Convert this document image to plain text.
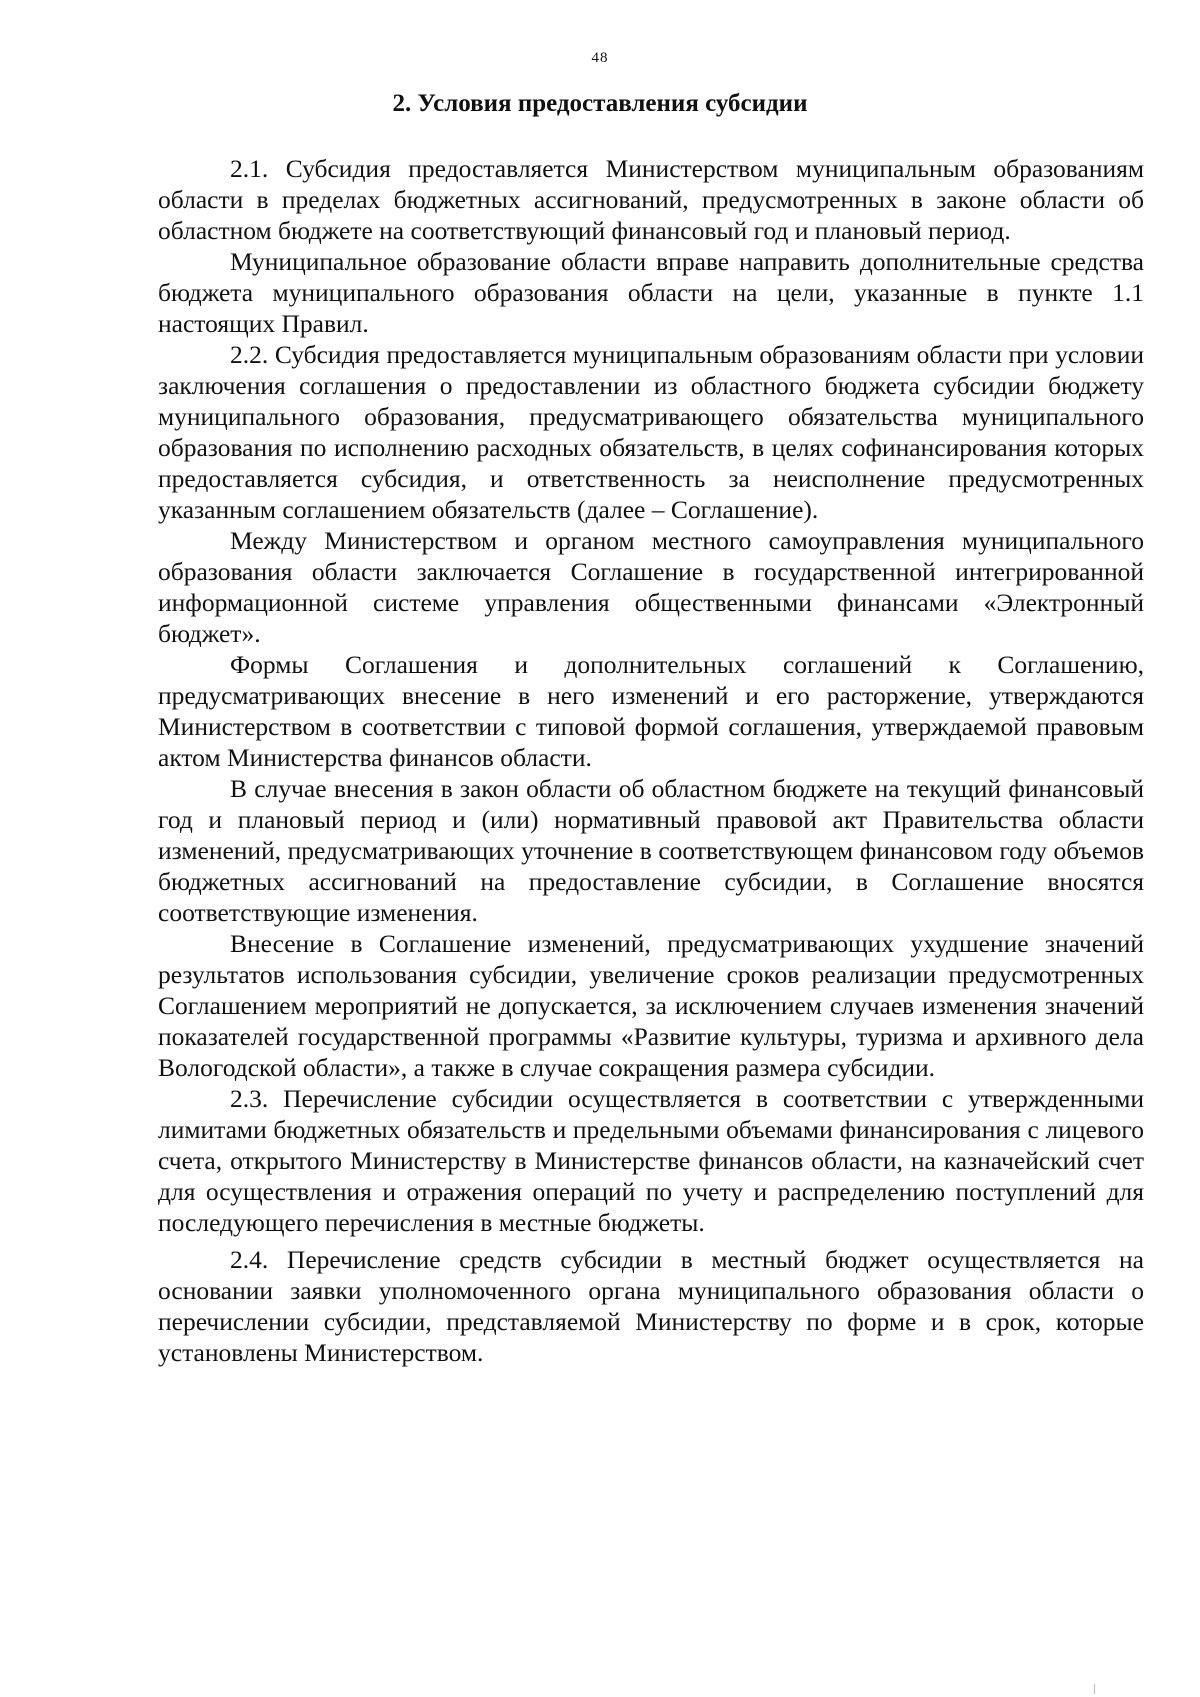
48
2. Условия предоставления субсидии

2.1. Субсидия предоставляется Министерством муниципальным образованиям области в пределах бюджетных ассигнований, предусмотренных в законе области об областном бюджете на соответствующий финансовый год и плановый период.

Муниципальное образование области вправе направить дополнительные средства бюджета муниципального образования области на цели, указанные в пункте 1.1 настоящих Правил.

2.2. Субсидия предоставляется муниципальным образованиям области при условии заключения соглашения о предоставлении из областного бюджета субсидии бюджету муниципального образования, предусматривающего обязательства муниципального образования по исполнению расходных обязательств, в целях софинансирования которых предоставляется субсидия, и ответственность за неисполнение предусмотренных указанным соглашением обязательств (далее – Соглашение).

Между Министерством и органом местного самоуправления муниципального образования области заключается Соглашение в государственной интегрированной информационной системе управления общественными финансами «Электронный бюджет».

Формы Соглашения и дополнительных соглашений к Соглашению, предусматривающих внесение в него изменений и его расторжение, утверждаются Министерством в соответствии с типовой формой соглашения, утверждаемой правовым актом Министерства финансов области.

В случае внесения в закон области об областном бюджете на текущий финансовый год и плановый период и (или) нормативный правовой акт Правительства области изменений, предусматривающих уточнение в соответствующем финансовом году объемов бюджетных ассигнований на предоставление субсидии, в Соглашение вносятся соответствующие изменения.

Внесение в Соглашение изменений, предусматривающих ухудшение значений результатов использования субсидии, увеличение сроков реализации предусмотренных Соглашением мероприятий не допускается, за исключением случаев изменения значений показателей государственной программы «Развитие культуры, туризма и архивного дела Вологодской области», а также в случае сокращения размера субсидии.

2.3. Перечисление субсидии осуществляется в соответствии с утвержденными лимитами бюджетных обязательств и предельными объемами финансирования с лицевого счета, открытого Министерству в Министерстве финансов области, на казначейский счет для осуществления и отражения операций по учету и распределению поступлений для последующего перечисления в местные бюджеты.

2.4. Перечисление средств субсидии в местный бюджет осуществляется на основании заявки уполномоченного органа муниципального образования области о перечислении субсидии, представляемой Министерству по форме и в срок, которые установлены Министерством.
